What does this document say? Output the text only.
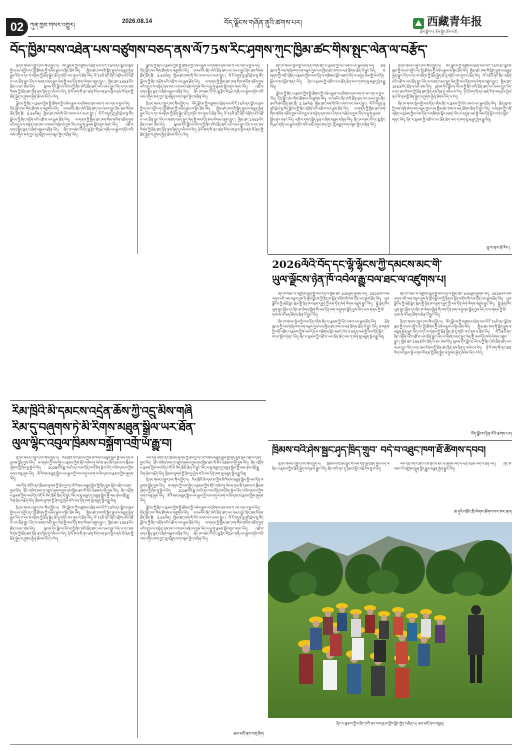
02	ཀུན་ཁྱབ་གསར་འགྱུར།	2026.08.14	བོད་ལྗོངས་གཞོན་ནུའི་ཚགས་པར།	西藏青年报
རྩོམ་སྒྲིག་པ། ཆོས་སྐྱིད་ཆོས་མཚོ།
བོད་ཁྱིམ་བས་འཐེན་པས་བཙུགས་བཅད་ནས་ལོ75ས་རིང་ཤྭགས་ཀུང་ཁྱིམ་ཚང་གིས་སྤུང་ལེན་ལ་བརྩོད་

ཉི་ཤར་གསར་འགྱུར་ཁང་གིས་སྤྲོད་པ། བོད་ལྗོངས་ཀྱི་བཙུགས་འཐེན་པས་ལོ་ངོ་75ཡི་ནང་ལྗོངས་ཁུལ་གྱི་དཔལ་འབྱོར་དང་སྤྱི་ཚོགས་ཀྱི་འཕེལ་རྒྱས་ལ་སྙིང་ཐོབ་ཡོད། ཁྱིམ་ཚང་ཁག་གི་སྐྱིད་སྡུག་ལ་མཐུན་རྐྱེན་སྦྱར་ཡོད་པ་དང་ས་གནས་ཀྱི་ཐོན་སྐྱེད་ཆེ་རུ་གཏོང་བར་ནུས་པ་ཐོན་ཡོད། ལོ་75ཡི་ནང་ཞིང་འབྲོག་པའི་འཚོ་བ་ཡར་ཐོན་བྱུང་ཡོད་ལ་བཙན་བཅད་སྡུད་ལེན་གྱི་ལས་དོན་ཁག་ལེགས་འགྲུབ་བྱུང་། ཁྱིམ་ཚང་1953ལོར་ཐོན་པ་མང་ཙམ་ཡོད། སྐབས་དེར་ལྗོངས་ཡོངས་ཀྱི་ཞིང་ཁའི་ཐོན་ཚད་ཡར་འཕར་བྱུང་ཡོད་པ་དང་ཟས་རིགས་ཀྱི་ཐོན་ཚད་ཉིན་ནས་ཉིན་དུ་འཕེལ་བ་རེད། ཉེ་ལོ་ཁག་གི་ནང་ཚན་རིག་ལག་རྩལ་སྤེལ་ནས་སོ་ནམ་གྱི་ཐོན་སྐྱེད་ལ་ཤུགས་རྐྱེན་ཐེབས་ཡོད་པ་རེད།

ལྗོངས་ཀྱི་ཞིང་པ་རྣམས་ཀྱིས་སྤྱི་ཚོགས་ཀྱི་འཕེལ་རྒྱས་ལ་དམིགས་ནས་ལས་ཀ་ཡང་དག་པ་བྱས་ཡོད། དོན་སྐྱོང་ཁང་གིས་ཚོགས་པ་བཙུགས་ཡོད། ༢༠༢༥ལོར་ཞིང་ཁའི་ཐོན་ཚད་ཡར་འཕར་བྱུང་ཞིང་ཟས་རིགས་ཐོན་ཚད་ཁྲི་ 3.59ཡིན། ཁྱིམ་ཚང་ཁག་གི་ཡོང་འབབ་ཡར་འཕར་བྱུང་། ལོ་ངོ་བདུན་ཅུ་ལྔའི་རྗེས་སུ་བོད་ལྗོངས་ཀྱི་ཞིང་འབྲོག་པའི་འཚོ་བ་ཡར་རྒྱས་ཐོན་ཡོད། ས་གནས་ཀྱི་ཁྱིམ་ཚང་ཁག་གིས་གསོག་འཇོག་བྱས་པའི་དངུལ་ལ་བརྟེན་ནས་ཁང་པ་གསར་བཞེངས་བྱས་ཡོད་ལ་ཕྲུ་གུ་རྣམས་སློབ་གྲྭར་བཏང་ཡོད། འཚོ་བ་དགའ་སྐྱིད་ལྡན་པ་ཞིག་བསྐྱལ་བཞིན་ཡོད། ཞིང་ཁ་བཟང་པོ་དང་ཆུ་རྫིང་གི་རྨང་གཞི་ཡར་རྒྱས་གཏོང་བའི་ལས་འགུལ་ཁག་ཀྱང་མུ་མཐུད་ལག་བསྟར་བྱེད་བཞིན་ཡོད།

ལྗོངས་ཀྱི་ཞིང་པ་རྣམས་ཀྱིས་སྤྱི་ཚོགས་ཀྱི་འཕེལ་རྒྱས་ལ་དམིགས་ནས་ལས་ཀ་ཡང་དག་པ་བྱས་ཡོད། དོན་སྐྱོང་ཁང་གིས་ཚོགས་པ་བཙུགས་ཡོད། ༢༠༢༥ལོར་ཞིང་ཁའི་ཐོན་ཚད་ཡར་འཕར་བྱུང་ཞིང་ཟས་རིགས་ཐོན་ཚད་ཁྲི་ 3.59ཡིན། ཁྱིམ་ཚང་ཁག་གི་ཡོང་འབབ་ཡར་འཕར་བྱུང་། ལོ་ངོ་བདུན་ཅུ་ལྔའི་རྗེས་སུ་བོད་ལྗོངས་ཀྱི་ཞིང་འབྲོག་པའི་འཚོ་བ་ཡར་རྒྱས་ཐོན་ཡོད། ས་གནས་ཀྱི་ཁྱིམ་ཚང་ཁག་གིས་གསོག་འཇོག་བྱས་པའི་དངུལ་ལ་བརྟེན་ནས་ཁང་པ་གསར་བཞེངས་བྱས་ཡོད་ལ་ཕྲུ་གུ་རྣམས་སློབ་གྲྭར་བཏང་ཡོད། འཚོ་བ་དགའ་སྐྱིད་ལྡན་པ་ཞིག་བསྐྱལ་བཞིན་ཡོད། ཞིང་ཁ་བཟང་པོ་དང་ཆུ་རྫིང་གི་རྨང་གཞི་ཡར་རྒྱས་གཏོང་བའི་ལས་འགུལ་ཁག་ཀྱང་མུ་མཐུད་ལག་བསྟར་བྱེད་བཞིན་ཡོད།

ཉི་ཤར་གསར་འགྱུར་ཁང་གིས་སྤྲོད་པ། བོད་ལྗོངས་ཀྱི་བཙུགས་འཐེན་པས་ལོ་ངོ་75ཡི་ནང་ལྗོངས་ཁུལ་གྱི་དཔལ་འབྱོར་དང་སྤྱི་ཚོགས་ཀྱི་འཕེལ་རྒྱས་ལ་སྙིང་ཐོབ་ཡོད། ཁྱིམ་ཚང་ཁག་གི་སྐྱིད་སྡུག་ལ་མཐུན་རྐྱེན་སྦྱར་ཡོད་པ་དང་ས་གནས་ཀྱི་ཐོན་སྐྱེད་ཆེ་རུ་གཏོང་བར་ནུས་པ་ཐོན་ཡོད། ལོ་75ཡི་ནང་ཞིང་འབྲོག་པའི་འཚོ་བ་ཡར་ཐོན་བྱུང་ཡོད་ལ་བཙན་བཅད་སྡུད་ལེན་གྱི་ལས་དོན་ཁག་ལེགས་འགྲུབ་བྱུང་། ཁྱིམ་ཚང་1953ལོར་ཐོན་པ་མང་ཙམ་ཡོད། སྐབས་དེར་ལྗོངས་ཡོངས་ཀྱི་ཞིང་ཁའི་ཐོན་ཚད་ཡར་འཕར་བྱུང་ཡོད་པ་དང་ཟས་རིགས་ཀྱི་ཐོན་ཚད་ཉིན་ནས་ཉིན་དུ་འཕེལ་བ་རེད། ཉེ་ལོ་ཁག་གི་ནང་ཚན་རིག་ལག་རྩལ་སྤེལ་ནས་སོ་ནམ་གྱི་ཐོན་སྐྱེད་ལ་ཤུགས་རྐྱེན་ཐེབས་ཡོད་པ་རེད།

ཞིང་ཁ་གསར་སྤེལ་གྱི་ལས་དོན་འདིས་ཞིང་པ་རྣམས་ཀྱི་ཡོང་འབབ་ཡར་རྒྱས་ཐོན་ཡོད། ཐོན་ཁུངས་ཀྱི་ལས་གཞི་ཁག་ལག་བསྟར་བྱས་པས་ཁྱིམ་ཚང་ཁག་ལ་ཕན་ཐོགས་ཆེན་པོ་བྱུང་ཡོད། ས་གནས་ཀྱི་འགོ་འཁྲིད་པ་རྣམས་ཀྱིས་ལས་དོན་ལ་གཟིགས་སྐོར་མཛད་ཡོད་ལ་མདུན་ལམ་གྱི་ལས་དོན་སྐོར་བཀའ་སློབ་གནང་ཡོད། ཞིང་པ་རྣམས་ཀྱི་འཚོ་བ་ཡར་ཐོན་ཆེད་ལས་ཀ་ཁག་མུ་མཐུད་སྤེལ་རྒྱུ་ཡིན།

ལྗོངས་ཀྱི་ཞིང་པ་རྣམས་ཀྱིས་སྤྱི་ཚོགས་ཀྱི་འཕེལ་རྒྱས་ལ་དམིགས་ནས་ལས་ཀ་ཡང་དག་པ་བྱས་ཡོད། དོན་སྐྱོང་ཁང་གིས་ཚོགས་པ་བཙུགས་ཡོད། ༢༠༢༥ལོར་ཞིང་ཁའི་ཐོན་ཚད་ཡར་འཕར་བྱུང་ཞིང་ཟས་རིགས་ཐོན་ཚད་ཁྲི་ 3.59ཡིན། ཁྱིམ་ཚང་ཁག་གི་ཡོང་འབབ་ཡར་འཕར་བྱུང་། ལོ་ངོ་བདུན་ཅུ་ལྔའི་རྗེས་སུ་བོད་ལྗོངས་ཀྱི་ཞིང་འབྲོག་པའི་འཚོ་བ་ཡར་རྒྱས་ཐོན་ཡོད། ས་གནས་ཀྱི་ཁྱིམ་ཚང་ཁག་གིས་གསོག་འཇོག་བྱས་པའི་དངུལ་ལ་བརྟེན་ནས་ཁང་པ་གསར་བཞེངས་བྱས་ཡོད་ལ་ཕྲུ་གུ་རྣམས་སློབ་གྲྭར་བཏང་ཡོད། འཚོ་བ་དགའ་སྐྱིད་ལྡན་པ་ཞིག་བསྐྱལ་བཞིན་ཡོད། ཞིང་ཁ་བཟང་པོ་དང་ཆུ་རྫིང་གི་རྨང་གཞི་ཡར་རྒྱས་གཏོང་བའི་ལས་འགུལ་ཁག་ཀྱང་མུ་མཐུད་ལག་བསྟར་བྱེད་བཞིན་ཡོད།

ཉི་ཤར་གསར་འགྱུར་ཁང་གིས་སྤྲོད་པ། བོད་ལྗོངས་ཀྱི་བཙུགས་འཐེན་པས་ལོ་ངོ་75ཡི་ནང་ལྗོངས་ཁུལ་གྱི་དཔལ་འབྱོར་དང་སྤྱི་ཚོགས་ཀྱི་འཕེལ་རྒྱས་ལ་སྙིང་ཐོབ་ཡོད། ཁྱིམ་ཚང་ཁག་གི་སྐྱིད་སྡུག་ལ་མཐུན་རྐྱེན་སྦྱར་ཡོད་པ་དང་ས་གནས་ཀྱི་ཐོན་སྐྱེད་ཆེ་རུ་གཏོང་བར་ནུས་པ་ཐོན་ཡོད། ལོ་75ཡི་ནང་ཞིང་འབྲོག་པའི་འཚོ་བ་ཡར་ཐོན་བྱུང་ཡོད་ལ་བཙན་བཅད་སྡུད་ལེན་གྱི་ལས་དོན་ཁག་ལེགས་འགྲུབ་བྱུང་། ཁྱིམ་ཚང་1953ལོར་ཐོན་པ་མང་ཙམ་ཡོད། སྐབས་དེར་ལྗོངས་ཡོངས་ཀྱི་ཞིང་ཁའི་ཐོན་ཚད་ཡར་འཕར་བྱུང་ཡོད་པ་དང་ཟས་རིགས་ཀྱི་ཐོན་ཚད་ཉིན་ནས་ཉིན་དུ་འཕེལ་བ་རེད། ཉེ་ལོ་ཁག་གི་ནང་ཚན་རིག་ལག་རྩལ་སྤེལ་ནས་སོ་ནམ་གྱི་ཐོན་སྐྱེད་ལ་ཤུགས་རྐྱེན་ཐེབས་ཡོད་པ་རེད།

ཞིང་ཁ་གསར་སྤེལ་གྱི་ལས་དོན་འདིས་ཞིང་པ་རྣམས་ཀྱི་ཡོང་འབབ་ཡར་རྒྱས་ཐོན་ཡོད། ཐོན་ཁུངས་ཀྱི་ལས་གཞི་ཁག་ལག་བསྟར་བྱས་པས་ཁྱིམ་ཚང་ཁག་ལ་ཕན་ཐོགས་ཆེན་པོ་བྱུང་ཡོད། ས་གནས་ཀྱི་འགོ་འཁྲིད་པ་རྣམས་ཀྱིས་ལས་དོན་ལ་གཟིགས་སྐོར་མཛད་ཡོད་ལ་མདུན་ལམ་གྱི་ལས་དོན་སྐོར་བཀའ་སློབ་གནང་ཡོད། ཞིང་པ་རྣམས་ཀྱི་འཚོ་བ་ཡར་ཐོན་ཆེད་ལས་ཀ་ཁག་མུ་མཐུད་སྤེལ་རྒྱུ་ཡིན།

ལྷ་ས་ནས་ཚེ་རིང་།
2026ལོའི་བོད་དང་ལྷོ་ལྷོངས་ཀྱི་དམངས་མང་གི་
ཡུལ་ལྗོངས་ཉེན་ཁོ་འབེལ་རྒྱུ་བལ་ཐང་ལ་འཛུགས་པ།

ཞིང་ཁ་བཟང་པོ་འཛུགས་སྐྲུན་གྱི་ལས་དོན་ལ་ཁྱིམ་ཚང་100ལྷག་ཞུགས་ཡོད། 2026ལོར་ལས་འགུལ་འདི་ལག་བསྟར་བྱས་ཏེ་ཡུལ་ལྗོངས་ཀྱི་ཉེན་ཁ་སྔོན་འགོག་གི་ལས་དོན་ཡར་རྒྱས་ཐོན་ཡོད། ཡུལ་ལྗོངས་ཀྱི་མཐོ་སྒང་ཁུལ་གྱི་ཉེན་ཁ་བརྟག་དཔྱད་ཀྱི་ལས་དོན་ཁག་ལེགས་འགྲུབ་བྱུང་ཡོད། སྐྱེ་ལྡན་ཁོར་ཡུག་སྲུང་སྐྱོབ་དང་ཞིང་ཁ་ལེགས་སྒྲིག་གི་ལས་དོན་ཁག་ལ་ཤུགས་སྣོན་བྱས་ཡོད་ལ་ས་གནས་ཀྱི་མི་དམངས་ལ་ཕན་ཐོགས་ཆེན་པོ་བྱུང་ཡོད།

ཞིང་ཁ་གསར་སྤེལ་གྱི་ལས་དོན་འདིས་ཞིང་པ་རྣམས་ཀྱི་ཡོང་འབབ་ཡར་རྒྱས་ཐོན་ཡོད། ཐོན་ཁུངས་ཀྱི་ལས་གཞི་ཁག་ལག་བསྟར་བྱས་པས་ཁྱིམ་ཚང་ཁག་ལ་ཕན་ཐོགས་ཆེན་པོ་བྱུང་ཡོད། ས་གནས་ཀྱི་འགོ་འཁྲིད་པ་རྣམས་ཀྱིས་ལས་དོན་ལ་གཟིགས་སྐོར་མཛད་ཡོད་ལ་མདུན་ལམ་གྱི་ལས་དོན་སྐོར་བཀའ་སློབ་གནང་ཡོད། ཞིང་པ་རྣམས་ཀྱི་འཚོ་བ་ཡར་ཐོན་ཆེད་ལས་ཀ་ཁག་མུ་མཐུད་སྤེལ་རྒྱུ་ཡིན།

ཞིང་ཁ་བཟང་པོ་འཛུགས་སྐྲུན་གྱི་ལས་དོན་ལ་ཁྱིམ་ཚང་100ལྷག་ཞུགས་ཡོད། 2026ལོར་ལས་འགུལ་འདི་ལག་བསྟར་བྱས་ཏེ་ཡུལ་ལྗོངས་ཀྱི་ཉེན་ཁ་སྔོན་འགོག་གི་ལས་དོན་ཡར་རྒྱས་ཐོན་ཡོད། ཡུལ་ལྗོངས་ཀྱི་མཐོ་སྒང་ཁུལ་གྱི་ཉེན་ཁ་བརྟག་དཔྱད་ཀྱི་ལས་དོན་ཁག་ལེགས་འགྲུབ་བྱུང་ཡོད། སྐྱེ་ལྡན་ཁོར་ཡུག་སྲུང་སྐྱོབ་དང་ཞིང་ཁ་ལེགས་སྒྲིག་གི་ལས་དོན་ཁག་ལ་ཤུགས་སྣོན་བྱས་ཡོད་ལ་ས་གནས་ཀྱི་མི་དམངས་ལ་ཕན་ཐོགས་ཆེན་པོ་བྱུང་ཡོད།

ཉི་ཤར་གསར་འགྱུར་ཁང་གིས་སྤྲོད་པ། བོད་ལྗོངས་ཀྱི་བཙུགས་འཐེན་པས་ལོ་ངོ་75ཡི་ནང་ལྗོངས་ཁུལ་གྱི་དཔལ་འབྱོར་དང་སྤྱི་ཚོགས་ཀྱི་འཕེལ་རྒྱས་ལ་སྙིང་ཐོབ་ཡོད། ཁྱིམ་ཚང་ཁག་གི་སྐྱིད་སྡུག་ལ་མཐུན་རྐྱེན་སྦྱར་ཡོད་པ་དང་ས་གནས་ཀྱི་ཐོན་སྐྱེད་ཆེ་རུ་གཏོང་བར་ནུས་པ་ཐོན་ཡོད། ལོ་75ཡི་ནང་ཞིང་འབྲོག་པའི་འཚོ་བ་ཡར་ཐོན་བྱུང་ཡོད་ལ་བཙན་བཅད་སྡུད་ལེན་གྱི་ལས་དོན་ཁག་ལེགས་འགྲུབ་བྱུང་། ཁྱིམ་ཚང་1953ལོར་ཐོན་པ་མང་ཙམ་ཡོད། སྐབས་དེར་ལྗོངས་ཡོངས་ཀྱི་ཞིང་ཁའི་ཐོན་ཚད་ཡར་འཕར་བྱུང་ཡོད་པ་དང་ཟས་རིགས་ཀྱི་ཐོན་ཚད་ཉིན་ནས་ཉིན་དུ་འཕེལ་བ་རེད། ཉེ་ལོ་ཁག་གི་ནང་ཚན་རིག་ལག་རྩལ་སྤེལ་ནས་སོ་ནམ་གྱི་ཐོན་སྐྱེད་ལ་ཤུགས་རྐྱེན་ཐེབས་ཡོད་པ་རེད།

བོད་ལྗོངས་ཉིན་རེའི་ཚགས་པར།
རིམ་ཁྲིའི་མི་དམངས་འདྲེན་ཆོས་ཀྱི་འདྲུ་མིས་གཞི
རིམ་དུ་བཞུགས་ཏེ་མི་རིགས་མཐུན་སྒྲིལ་ཡར་ཐོན་
ལུལ་ལྷིང་འབུལ་ཁྲིམས་བསྐྲོག་འགྲོ་ཡོ་རྒྱུ་བ།

ཉི་ཤར་གསར་འགྱུར་ཁང་གིས་སྤྲོད་པ། རིམ་ཁྲིའི་མི་དམངས་ཀྱིས་མི་རིགས་མཐུན་སྒྲིལ་གྱི་ལས་དོན་ལ་ཤུགས་སྣོན་བྱས་ཡོད། ས་གནས་ཀྱི་ལས་བྱེད་པ་རྣམས་ཀྱིས་གྲོང་གསེབ་ཏུ་ཕེབས་ནས་མི་དམངས་ལ་ཁྲིམས་ལུགས་ཀྱི་ཤེས་བྱ་སྤེལ་ཡོད། 2026ལོའི་ཟླ་7པའི་ནང་ལས་དོན་ཁག་ཅིག་སྤེལ་ཡོད་ལ་མི་དམངས་ཀྱིས་དགའ་བསུ་ཞུས་ཡོད། མི་རིགས་མཐུན་སྒྲིལ་ཡར་རྒྱས་ཀྱི་ལས་འགུལ་ཁག་ལ་མི་དམངས་རྣམས་ཀྱིས་ཞུགས་ཡོད།

ལས་དོན་འདིའི་ནང་ཁྲིམས་ལུགས་ཀྱི་ཤེས་བྱ་དང་མི་རིགས་མཐུན་སྒྲིལ་གྱི་སྲིད་ཇུས་སྐོར་འགྲེལ་བཤད་བྱས་ཡོད། གྲོང་གསེབ་ཁག་ཏུ་འཛུལ་ཞུགས་བྱས་ནས་ཁྱིམ་ཚང་སོ་སོར་འཚམས་འདྲི་བྱས་ཡོད། ཞིང་འབྲོག་པ་རྣམས་ཀྱིས་ལས་དོན་འདི་ལ་ཡིད་ཚིམ་ཆེན་པོ་བྱུང་ཡོད་ལ་མུ་མཐུད་དུ་མཐུན་སྒྲིལ་གྱི་ལམ་ནས་འགྲོ་རྒྱུ་ཡིན་ཞེས་བརྗོད་ཡོད། ཁྲིམས་ལུགས་ཀྱི་ཤེས་བྱ་སྤེལ་བའི་ལས་དོན་ཁག་མུ་མཐུད་སྤེལ་རྒྱུ་ཡིན།

ཉི་ཤར་གསར་འགྱུར་ཁང་གིས་སྤྲོད་པ། བོད་ལྗོངས་ཀྱི་བཙུགས་འཐེན་པས་ལོ་ངོ་75ཡི་ནང་ལྗོངས་ཁུལ་གྱི་དཔལ་འབྱོར་དང་སྤྱི་ཚོགས་ཀྱི་འཕེལ་རྒྱས་ལ་སྙིང་ཐོབ་ཡོད། ཁྱིམ་ཚང་ཁག་གི་སྐྱིད་སྡུག་ལ་མཐུན་རྐྱེན་སྦྱར་ཡོད་པ་དང་ས་གནས་ཀྱི་ཐོན་སྐྱེད་ཆེ་རུ་གཏོང་བར་ནུས་པ་ཐོན་ཡོད། ལོ་75ཡི་ནང་ཞིང་འབྲོག་པའི་འཚོ་བ་ཡར་ཐོན་བྱུང་ཡོད་ལ་བཙན་བཅད་སྡུད་ལེན་གྱི་ལས་དོན་ཁག་ལེགས་འགྲུབ་བྱུང་། ཁྱིམ་ཚང་1953ལོར་ཐོན་པ་མང་ཙམ་ཡོད། སྐབས་དེར་ལྗོངས་ཡོངས་ཀྱི་ཞིང་ཁའི་ཐོན་ཚད་ཡར་འཕར་བྱུང་ཡོད་པ་དང་ཟས་རིགས་ཀྱི་ཐོན་ཚད་ཉིན་ནས་ཉིན་དུ་འཕེལ་བ་རེད། ཉེ་ལོ་ཁག་གི་ནང་ཚན་རིག་ལག་རྩལ་སྤེལ་ནས་སོ་ནམ་གྱི་ཐོན་སྐྱེད་ལ་ཤུགས་རྐྱེན་ཐེབས་ཡོད་པ་རེད།

ལས་དོན་འདིའི་ནང་ཁྲིམས་ལུགས་ཀྱི་ཤེས་བྱ་དང་མི་རིགས་མཐུན་སྒྲིལ་གྱི་སྲིད་ཇུས་སྐོར་འགྲེལ་བཤད་བྱས་ཡོད། གྲོང་གསེབ་ཁག་ཏུ་འཛུལ་ཞུགས་བྱས་ནས་ཁྱིམ་ཚང་སོ་སོར་འཚམས་འདྲི་བྱས་ཡོད། ཞིང་འབྲོག་པ་རྣམས་ཀྱིས་ལས་དོན་འདི་ལ་ཡིད་ཚིམ་ཆེན་པོ་བྱུང་ཡོད་ལ་མུ་མཐུད་དུ་མཐུན་སྒྲིལ་གྱི་ལམ་ནས་འགྲོ་རྒྱུ་ཡིན་ཞེས་བརྗོད་ཡོད། ཁྲིམས་ལུགས་ཀྱི་ཤེས་བྱ་སྤེལ་བའི་ལས་དོན་ཁག་མུ་མཐུད་སྤེལ་རྒྱུ་ཡིན།

ཉི་ཤར་གསར་འགྱུར་ཁང་གིས་སྤྲོད་པ། རིམ་ཁྲིའི་མི་དམངས་ཀྱིས་མི་རིགས་མཐུན་སྒྲིལ་གྱི་ལས་དོན་ལ་ཤུགས་སྣོན་བྱས་ཡོད། ས་གནས་ཀྱི་ལས་བྱེད་པ་རྣམས་ཀྱིས་གྲོང་གསེབ་ཏུ་ཕེབས་ནས་མི་དམངས་ལ་ཁྲིམས་ལུགས་ཀྱི་ཤེས་བྱ་སྤེལ་ཡོད། 2026ལོའི་ཟླ་7པའི་ནང་ལས་དོན་ཁག་ཅིག་སྤེལ་ཡོད་ལ་མི་དམངས་ཀྱིས་དགའ་བསུ་ཞུས་ཡོད། མི་རིགས་མཐུན་སྒྲིལ་ཡར་རྒྱས་ཀྱི་ལས་འགུལ་ཁག་ལ་མི་དམངས་རྣམས་ཀྱིས་ཞུགས་ཡོད།

ལྗོངས་ཀྱི་ཞིང་པ་རྣམས་ཀྱིས་སྤྱི་ཚོགས་ཀྱི་འཕེལ་རྒྱས་ལ་དམིགས་ནས་ལས་ཀ་ཡང་དག་པ་བྱས་ཡོད། དོན་སྐྱོང་ཁང་གིས་ཚོགས་པ་བཙུགས་ཡོད། ༢༠༢༥ལོར་ཞིང་ཁའི་ཐོན་ཚད་ཡར་འཕར་བྱུང་ཞིང་ཟས་རིགས་ཐོན་ཚད་ཁྲི་ 3.59ཡིན། ཁྱིམ་ཚང་ཁག་གི་ཡོང་འབབ་ཡར་འཕར་བྱུང་། ལོ་ངོ་བདུན་ཅུ་ལྔའི་རྗེས་སུ་བོད་ལྗོངས་ཀྱི་ཞིང་འབྲོག་པའི་འཚོ་བ་ཡར་རྒྱས་ཐོན་ཡོད། ས་གནས་ཀྱི་ཁྱིམ་ཚང་ཁག་གིས་གསོག་འཇོག་བྱས་པའི་དངུལ་ལ་བརྟེན་ནས་ཁང་པ་གསར་བཞེངས་བྱས་ཡོད་ལ་ཕྲུ་གུ་རྣམས་སློབ་གྲྭར་བཏང་ཡོད། འཚོ་བ་དགའ་སྐྱིད་ལྡན་པ་ཞིག་བསྐྱལ་བཞིན་ཡོད། ཞིང་ཁ་བཟང་པོ་དང་ཆུ་རྫིང་གི་རྨང་གཞི་ཡར་རྒྱས་གཏོང་བའི་ལས་འགུལ་ཁག་ཀྱང་མུ་མཐུད་ལག་བསྟར་བྱེད་བཞིན་ཡོད།

ཆབ་མདོ་ནས་བཀྲ་ཤིས།
ཁྲིམས་བའི་ཤེས་སྦྱང་ཤྭད་ཁྲིད་གྲུབ་ བདེ་བ་འཐུང་ཁག་ཐོ་ཚོགས་དབབ།

ཉི་ཤར་གསར་འགྱུར་ཁང་གིས་སྤྲོད་པ། ཁྲིམས་བའི་ཤེས་སྦྱང་གི་ལས་དོན་སློབ་ཁྲིད་བྱས་ཡོད་ལ་ཞིང་པ་རྣམས་ཀྱིས་ཐོན་སྐྱེད་ལག་རྩལ་སྦྱང་ཡོད། ཞིང་ཁའི་ནང་དུ་ཉམས་མྱོང་བརྗེ་རེས་བྱས་ཡོད།

ལས་དོན་འདིར་ཞིང་པ་མི་གྲངས་མང་པོ་ཞུགས་ཡོད་ལ་ཕན་འབྲས་ཡག་པོ་ཐོན་ཡོད། ཞིང་ཁ་བཟང་པོ་འཛུགས་སྐྲུན་བྱེད་རྒྱུར་མཐུན་རྐྱེན་སྦྱར་ཡོད།

ཨ་ཏུའི་འབྲོང་ཁྲི་ལེགས་ཚོགས་ལས་ཁང་ནས།
ཞིང་པ་རྣམས་ཀྱིས་ཞིང་ཁའི་ནང་ལག་རྩལ་སློབ་སྦྱོང་བྱེད་བཞིན་པ། ཆབ་མདོ་ནས་བསྐྲུན།
